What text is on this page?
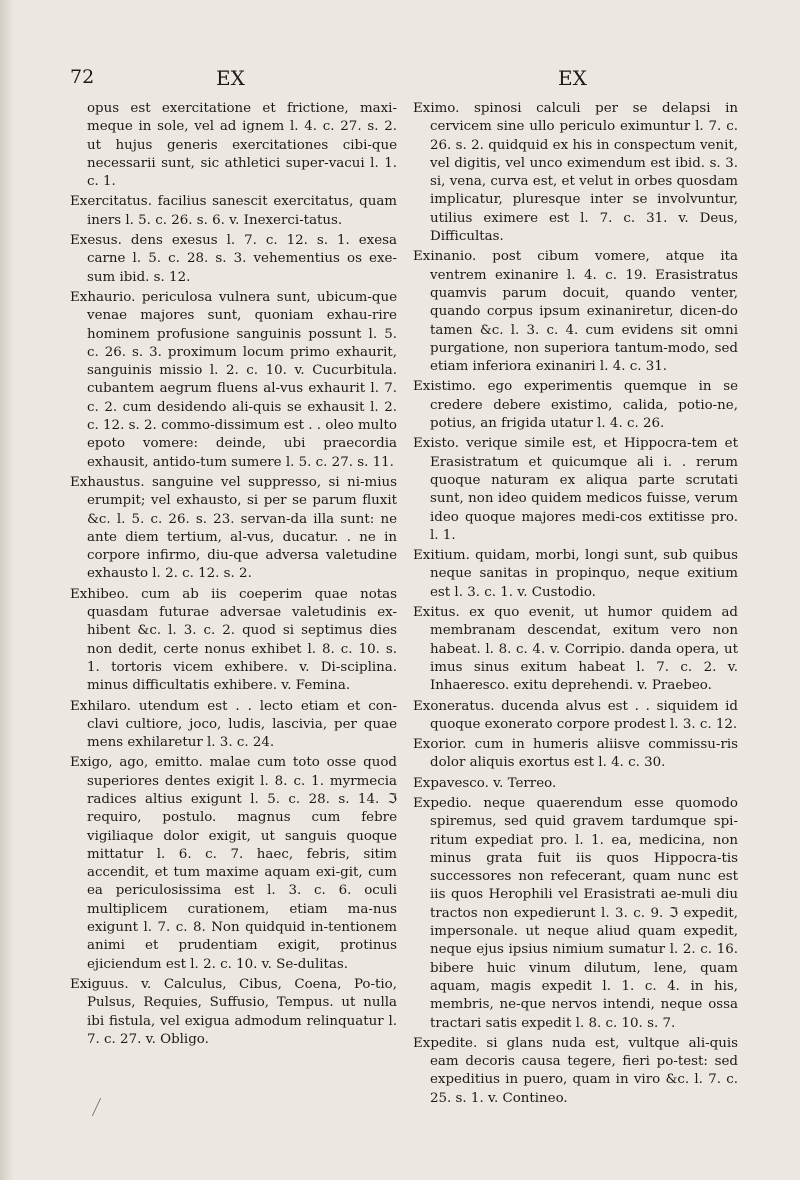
72	EX	EX

opus est exercitatione et frictione, maxi-meque in sole, vel ad ignem l. 4. c. 27. s. 2. ut hujus generis exercitationes cibi-que necessarii sunt, sic athletici super-vacui l. 1. c. 1.

Exercitatus. facilius sanescit exercitatus, quam iners l. 5. c. 26. s. 6. v. Inexerci-tatus.

Exesus. dens exesus l. 7. c. 12. s. 1. exesa carne l. 5. c. 28. s. 3. vehementius os exe-sum ibid. s. 12.

Exhaurio. periculosa vulnera sunt, ubicum-que venae majores sunt, quoniam exhau-rire hominem profusione sanguinis possunt l. 5. c. 26. s. 3. proximum locum primo exhaurit, sanguinis missio l. 2. c. 10. v. Cucurbitula. cubantem aegrum fluens al-vus exhaurit l. 7. c. 2. cum desidendo ali-quis se exhausit l. 2. c. 12. s. 2. commo-dissimum est . . oleo multo epoto vomere: deinde, ubi praecordia exhausit, antido-tum sumere l. 5. c. 27. s. 11.

Exhaustus. sanguine vel suppresso, si ni-mius erumpit; vel exhausto, si per se parum fluxit &c. l. 5. c. 26. s. 23. servan-da illa sunt: ne ante diem tertium, al-vus, ducatur. . ne in corpore infirmo, diu-que adversa valetudine exhausto l. 2. c. 12. s. 2.

Exhibeo. cum ab iis coeperim quae notas quasdam futurae adversae valetudinis ex-hibent &c. l. 3. c. 2. quod si septimus dies non dedit, certe nonus exhibet l. 8. c. 10. s. 1. tortoris vicem exhibere. v. Di-sciplina. minus difficultatis exhibere. v. Femina.

Exhilaro. utendum est . . lecto etiam et con-clavi cultiore, joco, ludis, lascivia, per quae mens exhilaretur l. 3. c. 24.

Exigo, ago, emitto. malae cum toto osse quod superiores dentes exigit l. 8. c. 1. myrmecia radices altius exigunt l. 5. c. 28. s. 14. ℑ requiro, postulo. magnus cum febre vigiliaque dolor exigit, ut sanguis quoque mittatur l. 6. c. 7. haec, febris, sitim accendit, et tum maxime aquam exi-git, cum ea periculosissima est l. 3. c. 6. oculi multiplicem curationem, etiam ma-nus exigunt l. 7. c. 8. Non quidquid in-tentionem animi et prudentiam exigit, protinus ejiciendum est l. 2. c. 10. v. Se-dulitas.

Exiguus. v. Calculus, Cibus, Coena, Po-tio, Pulsus, Requies, Suffusio, Tempus. ut nulla ibi fistula, vel exigua admodum relinquatur l. 7. c. 27. v. Obligo.

Eximo. spinosi calculi per se delapsi in cervicem sine ullo periculo eximuntur l. 7. c. 26. s. 2. quidquid ex his in conspectum venit, vel digitis, vel unco eximendum est ibid. s. 3. si, vena, curva est, et velut in orbes quosdam implicatur, pluresque inter se involvuntur, utilius eximere est l. 7. c. 31. v. Deus, Difficultas.

Exinanio. post cibum vomere, atque ita ventrem exinanire l. 4. c. 19. Erasistratus quamvis parum docuit, quando venter, quando corpus ipsum exinaniretur, dicen-do tamen &c. l. 3. c. 4. cum evidens sit omni purgatione, non superiora tantum-modo, sed etiam inferiora exinaniri l. 4. c. 31.

Existimo. ego experimentis quemque in se credere debere existimo, calida, potio-ne, potius, an frigida utatur l. 4. c. 26.

Existo. verique simile est, et Hippocra-tem et Erasistratum et quicumque ali i. . rerum quoque naturam ex aliqua parte scrutati sunt, non ideo quidem medicos fuisse, verum ideo quoque majores medi-cos extitisse pro. l. 1.

Exitium. quidam, morbi, longi sunt, sub quibus neque sanitas in propinquo, neque exitium est l. 3. c. 1. v. Custodio.

Exitus. ex quo evenit, ut humor quidem ad membranam descendat, exitum vero non habeat. l. 8. c. 4. v. Corripio. danda opera, ut imus sinus exitum habeat l. 7. c. 2. v. Inhaeresco. exitu deprehendi. v. Praebeo.

Exoneratus. ducenda alvus est . . siquidem id quoque exonerato corpore prodest l. 3. c. 12.

Exorior. cum in humeris aliisve commissu-ris dolor aliquis exortus est l. 4. c. 30.

Expavesco. v. Terreo.

Expedio. neque quaerendum esse quomodo spiremus, sed quid gravem tardumque spi-ritum expediat pro. l. 1. ea, medicina, non minus grata fuit iis quos Hippocra-tis successores non refecerant, quam nunc est iis quos Herophili vel Erasistrati ae-muli diu tractos non expedierunt l. 3. c. 9. ℑ expedit, impersonale. ut neque aliud quam expedit, neque ejus ipsius nimium sumatur l. 2. c. 16. bibere huic vinum dilutum, lene, quam aquam, magis expedit l. 1. c. 4. in his, membris, ne-que nervos intendi, neque ossa tractari satis expedit l. 8. c. 10. s. 7.

Expedite. si glans nuda est, vultque ali-quis eam decoris causa tegere, fieri po-test: sed expeditius in puero, quam in viro &c. l. 7. c. 25. s. 1. v. Contineo.
